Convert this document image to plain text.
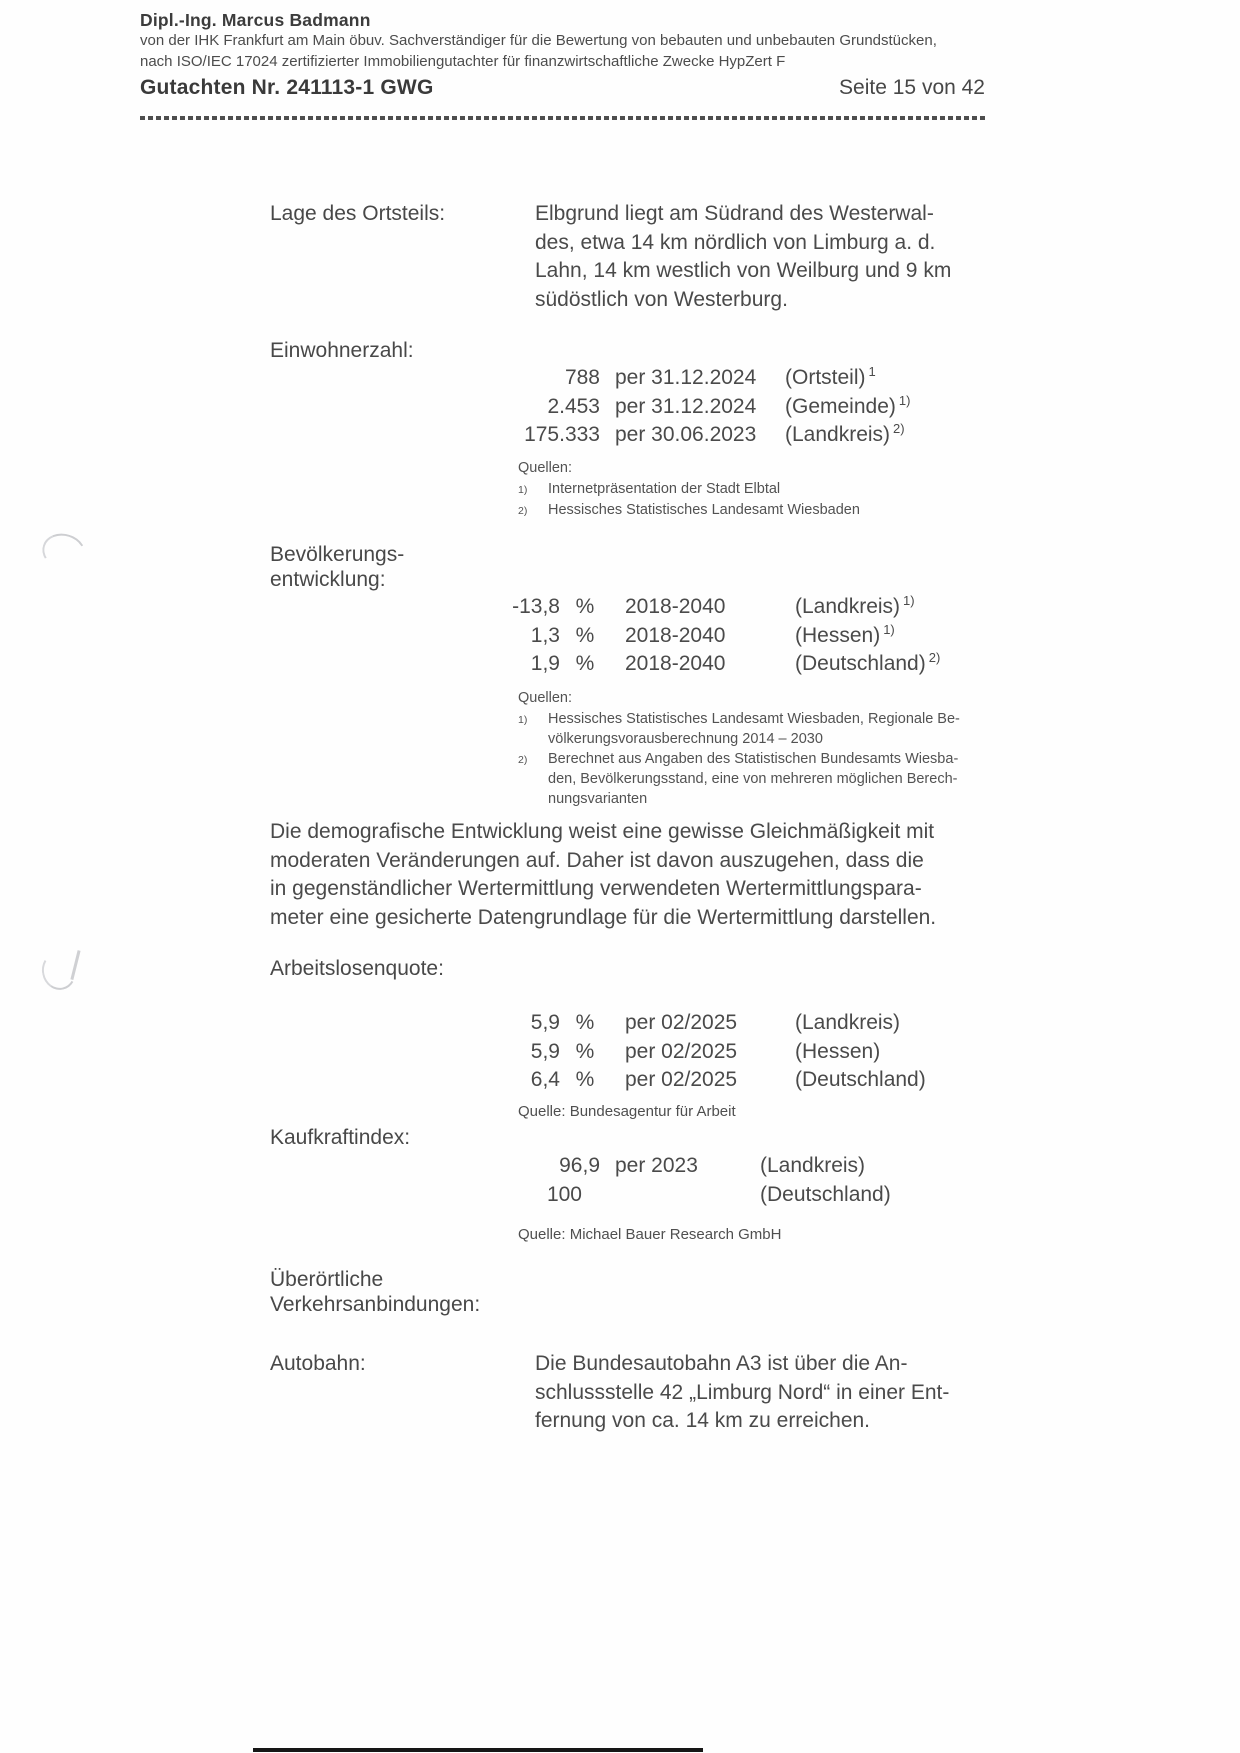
Dipl.-Ing. Marcus Badmann
von der IHK Frankfurt am Main öbuv. Sachverständiger für die Bewertung von bebauten und unbebauten Grundstücken,
nach ISO/IEC 17024 zertifizierter Immobiliengutachter für finanzwirtschaftliche Zwecke HypZert F
Gutachten Nr. 241113-1 GWG	Seite 15 von 42
Lage des Ortsteils:	Elbgrund liegt am Südrand des Westerwal-
des, etwa 14 km nördlich von Limburg a. d.
Lahn, 14 km westlich von Weilburg und 9 km
südöstlich von Westerburg.
Einwohnerzahl:
788 per 31.12.2024	(Ortsteil) $^1$
2.453 per 31.12.2024	(Gemeinde) $^{1)}$
175.333 per 30.06.2023	(Landkreis) $^{2)}$
Quellen:
1)	Internetpräsentation der Stadt Elbtal
2)	Hessisches Statistisches Landesamt Wiesbaden
Bevölkerungs-
entwicklung:
-13,8 %	2018-2040	(Landkreis) $^{1)}$
1,3 %	2018-2040	(Hessen) $^{1)}$
1,9 %	2018-2040	(Deutschland) $^{2)}$
Quellen:
1)	Hessisches Statistisches Landesamt Wiesbaden, Regionale Be-
völkerungsvorausberechnung 2014 – 2030
2)	Berechnet aus Angaben des Statistischen Bundesamts Wiesba-
den, Bevölkerungsstand, eine von mehreren möglichen Berech-
nungsvarianten
Die demografische Entwicklung weist eine gewisse Gleichmäßigkeit mit
moderaten Veränderungen auf. Daher ist davon auszugehen, dass die
in gegenständlicher Wertermittlung verwendeten Wertermittlungspara-
meter eine gesicherte Datengrundlage für die Wertermittlung darstellen.
Arbeitslosenquote:
5,9 %	per 02/2025	(Landkreis)
5,9 %	per 02/2025	(Hessen)
6,4 %	per 02/2025	(Deutschland)
Quelle: Bundesagentur für Arbeit
Kaufkraftindex:
96,9 per 2023	(Landkreis)
100	(Deutschland)
Quelle: Michael Bauer Research GmbH
Überörtliche
Verkehrsanbindungen:
Autobahn:	Die Bundesautobahn A3 ist über die An-
schlussstelle 42 „Limburg Nord“ in einer Ent-
fernung von ca. 14 km zu erreichen.
